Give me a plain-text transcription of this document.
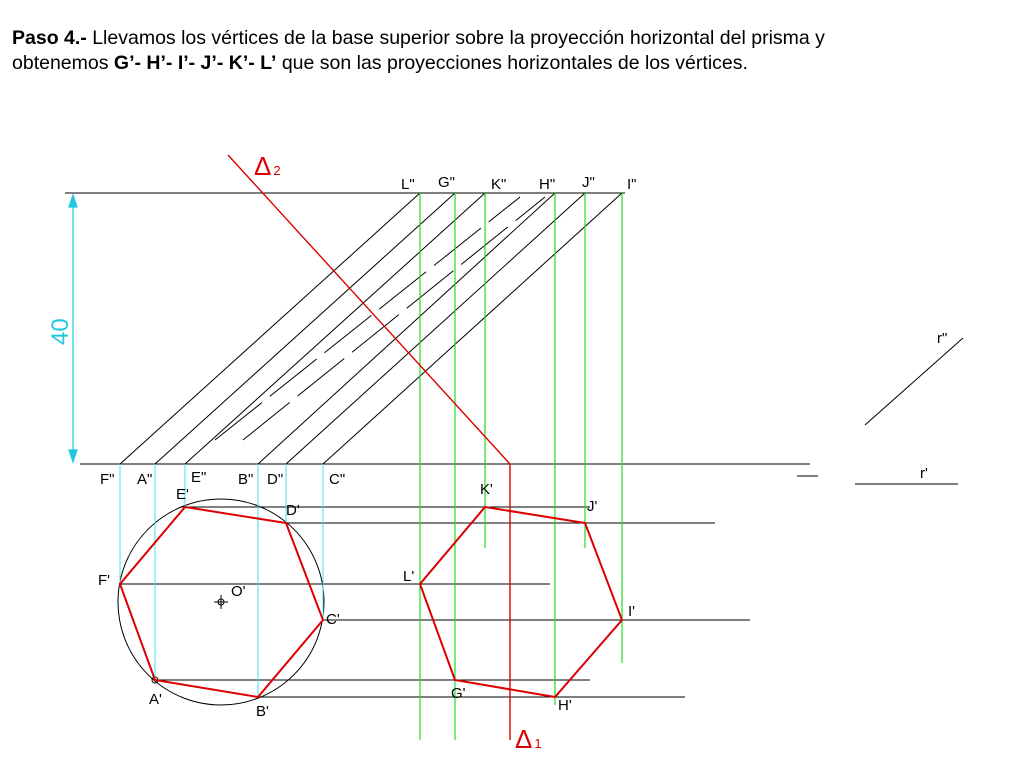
Paso 4.- Llevamos los vértices de la base superior sobre la proyección horizontal del prisma y
obtenemos G’- H’- I’- J’- K’- L’ que son las proyecciones horizontales de los vértices.
Δ 2
Δ 1
40
L" G" K" H" J" I"
F" A"	E" B" D"	C"
E'
D'
F'
O'
C'
A'
B'
K'
J'
L'
I'
G'
H'
r"
r'
